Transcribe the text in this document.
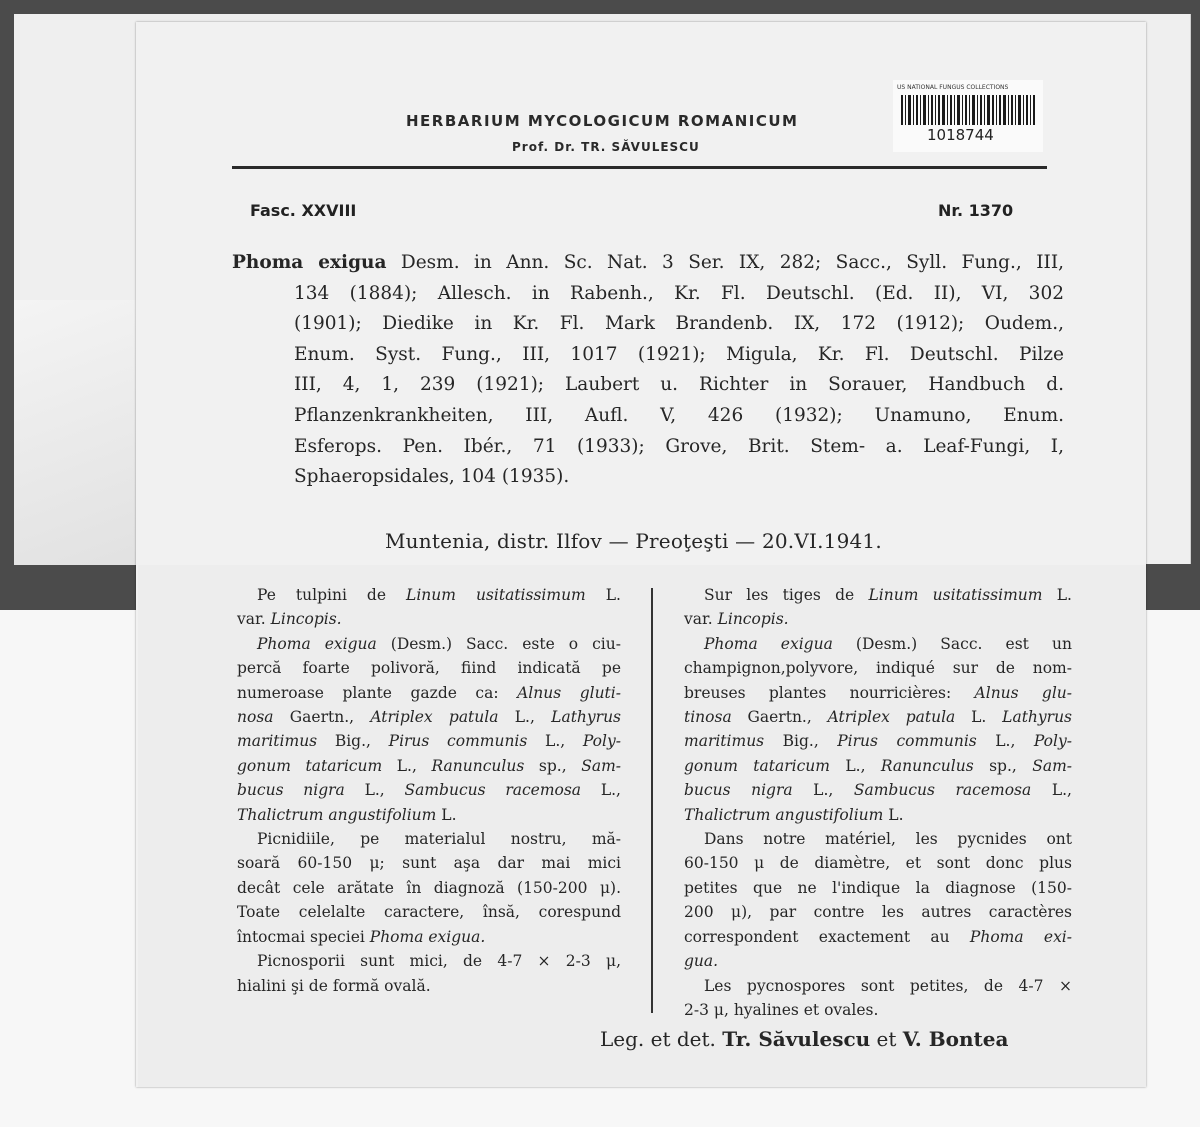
HERBARIUM MYCOLOGICUM ROMANICUM
Prof. Dr. TR. SĂVULESCU
US NATIONAL FUNGUS COLLECTIONS
1018744
Fasc. XXVIII	Nr. 1370
Phoma exigua Desm. in Ann. Sc. Nat. 3 Ser. IX, 282; Sacc., Syll. Fung., III,
134 (1884); Allesch. in Rabenh., Kr. Fl. Deutschl. (Ed. II), VI, 302
(1901); Diedike in Kr. Fl. Mark Brandenb. IX, 172 (1912); Oudem.,
Enum. Syst. Fung., III, 1017 (1921); Migula, Kr. Fl. Deutschl. Pilze
III, 4, 1, 239 (1921); Laubert u. Richter in Sorauer, Handbuch d.
Pflanzenkrankheiten, III, Aufl. V, 426 (1932); Unamuno, Enum.
Esferops. Pen. Ibér., 71 (1933); Grove, Brit. Stem- a. Leaf-Fungi, I,
Sphaeropsidales, 104 (1935).
Muntenia, distr. Ilfov — Preoţeşti — 20.VI.1941.
Pe tulpini de Linum usitatissimum L.
var. Lincopis.
Phoma exigua (Desm.) Sacc. este o ciu-
percă foarte polivoră, fiind indicată pe
numeroase plante gazde ca: Alnus gluti-
nosa Gaertn., Atriplex patula L., Lathyrus
maritimus Big., Pirus communis L., Poly-
gonum tataricum L., Ranunculus sp., Sam-
bucus nigra L., Sambucus racemosa L.,
Thalictrum angustifolium L.
Picnidiile, pe materialul nostru, mă-
soară 60-150 μ; sunt aşa dar mai mici
decât cele arătate în diagnoză (150-200 μ).
Toate celelalte caractere, însă, corespund
întocmai speciei Phoma exigua.
Picnosporii sunt mici, de 4-7 × 2-3 μ,
hialini şi de formă ovală.
Sur les tiges de Linum usitatissimum L.
var. Lincopis.
Phoma exigua (Desm.) Sacc. est un
champignon,polyvore, indiqué sur de nom-
breuses plantes nourricières: Alnus glu-
tinosa Gaertn., Atriplex patula L. Lathyrus
maritimus Big., Pirus communis L., Poly-
gonum tataricum L., Ranunculus sp., Sam-
bucus nigra L., Sambucus racemosa L.,
Thalictrum angustifolium L.
Dans notre matériel, les pycnides ont
60-150 μ de diamètre, et sont donc plus
petites que ne l'indique la diagnose (150-
200 μ), par contre les autres caractères
correspondent exactement au Phoma exi-
gua.
Les pycnospores sont petites, de 4-7 ×
2-3 μ, hyalines et ovales.
Leg. et det. Tr. Săvulescu et V. Bontea
